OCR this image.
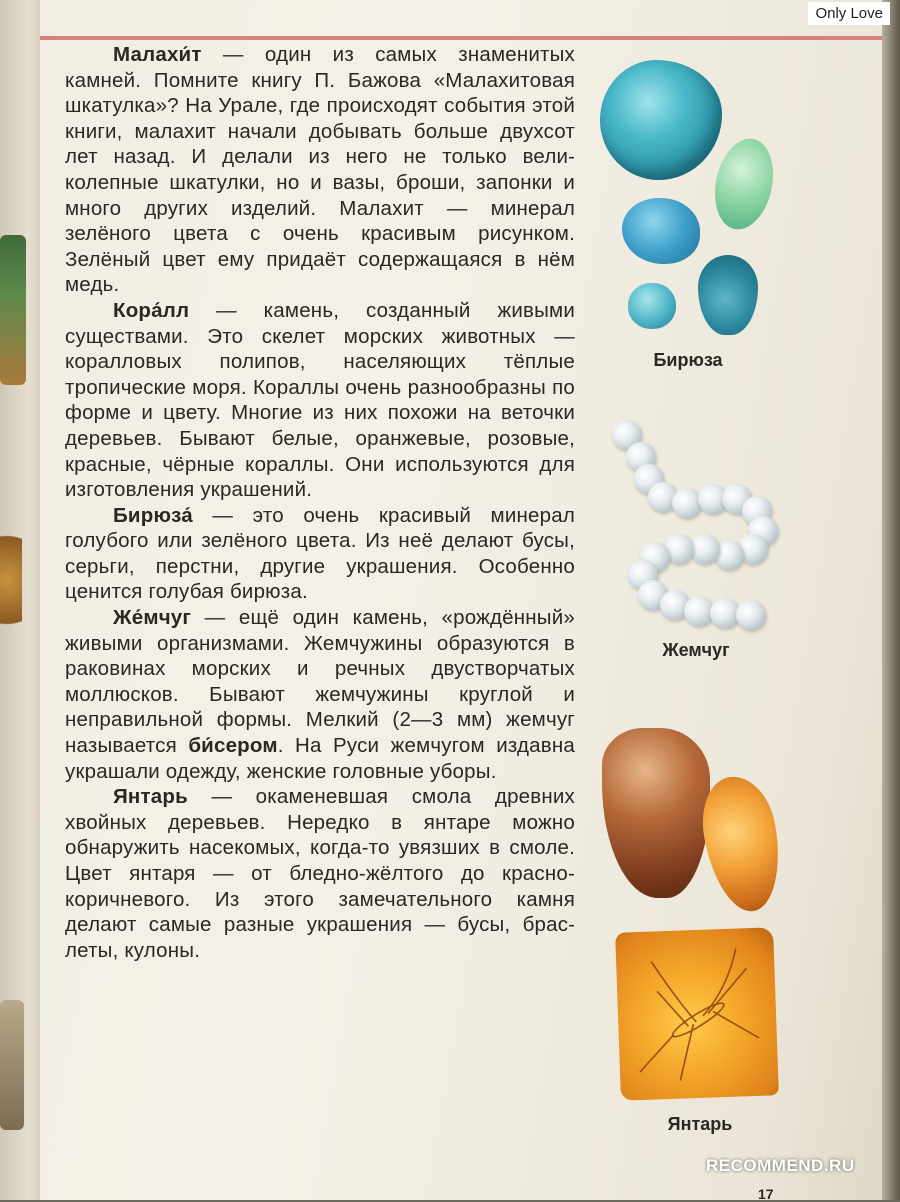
Малахи́т — один из самых знаменитых камней. Помните книгу П. Бажова «Малахитовая шкатулка»? На Урале, где происходят события этой книги, малахит начали добывать больше двухсот лет назад. И делали из него не только великолепные шкатулки, но и вазы, броши, запонки и много других изделий. Малахит — минерал зелёного цвета с очень красивым рисунком. Зелёный цвет ему придаёт содержащаяся в нём медь.

Кора́лл — камень, созданный живыми существами. Это скелет морских животных — коралловых полипов, населяющих тёплые тропические моря. Кораллы очень разнообразны по форме и цвету. Многие из них похожи на веточки деревьев. Бывают белые, оранжевые, розовые, красные, чёрные кораллы. Они используются для изготовления украшений.

Бирюза́ — это очень красивый минерал голубого или зелёного цвета. Из неё делают бусы, серьги, перстни, другие украшения. Особенно ценится голубая бирюза.

Же́мчуг — ещё один камень, «рождённый» живыми организмами. Жемчужины образуются в раковинах морских и речных двустворчатых моллюсков. Бывают жемчужины круглой и неправильной формы. Мелкий (2—3 мм) жемчуг называется би́сером. На Руси жемчугом издавна украшали одежду, женские головные уборы.

Янтарь — окаменевшая смола древних хвойных деревьев. Нередко в янтаре можно обнаружить насекомых, когда-то увязших в смоле. Цвет янтаря — от бледно-жёлтого до красно-коричневого. Из этого замечательного камня делают самые разные украшения — бусы, браслеты, кулоны.

Бирюза
Жемчуг
Янтарь
Only Love
RECOMMEND.RU
17
